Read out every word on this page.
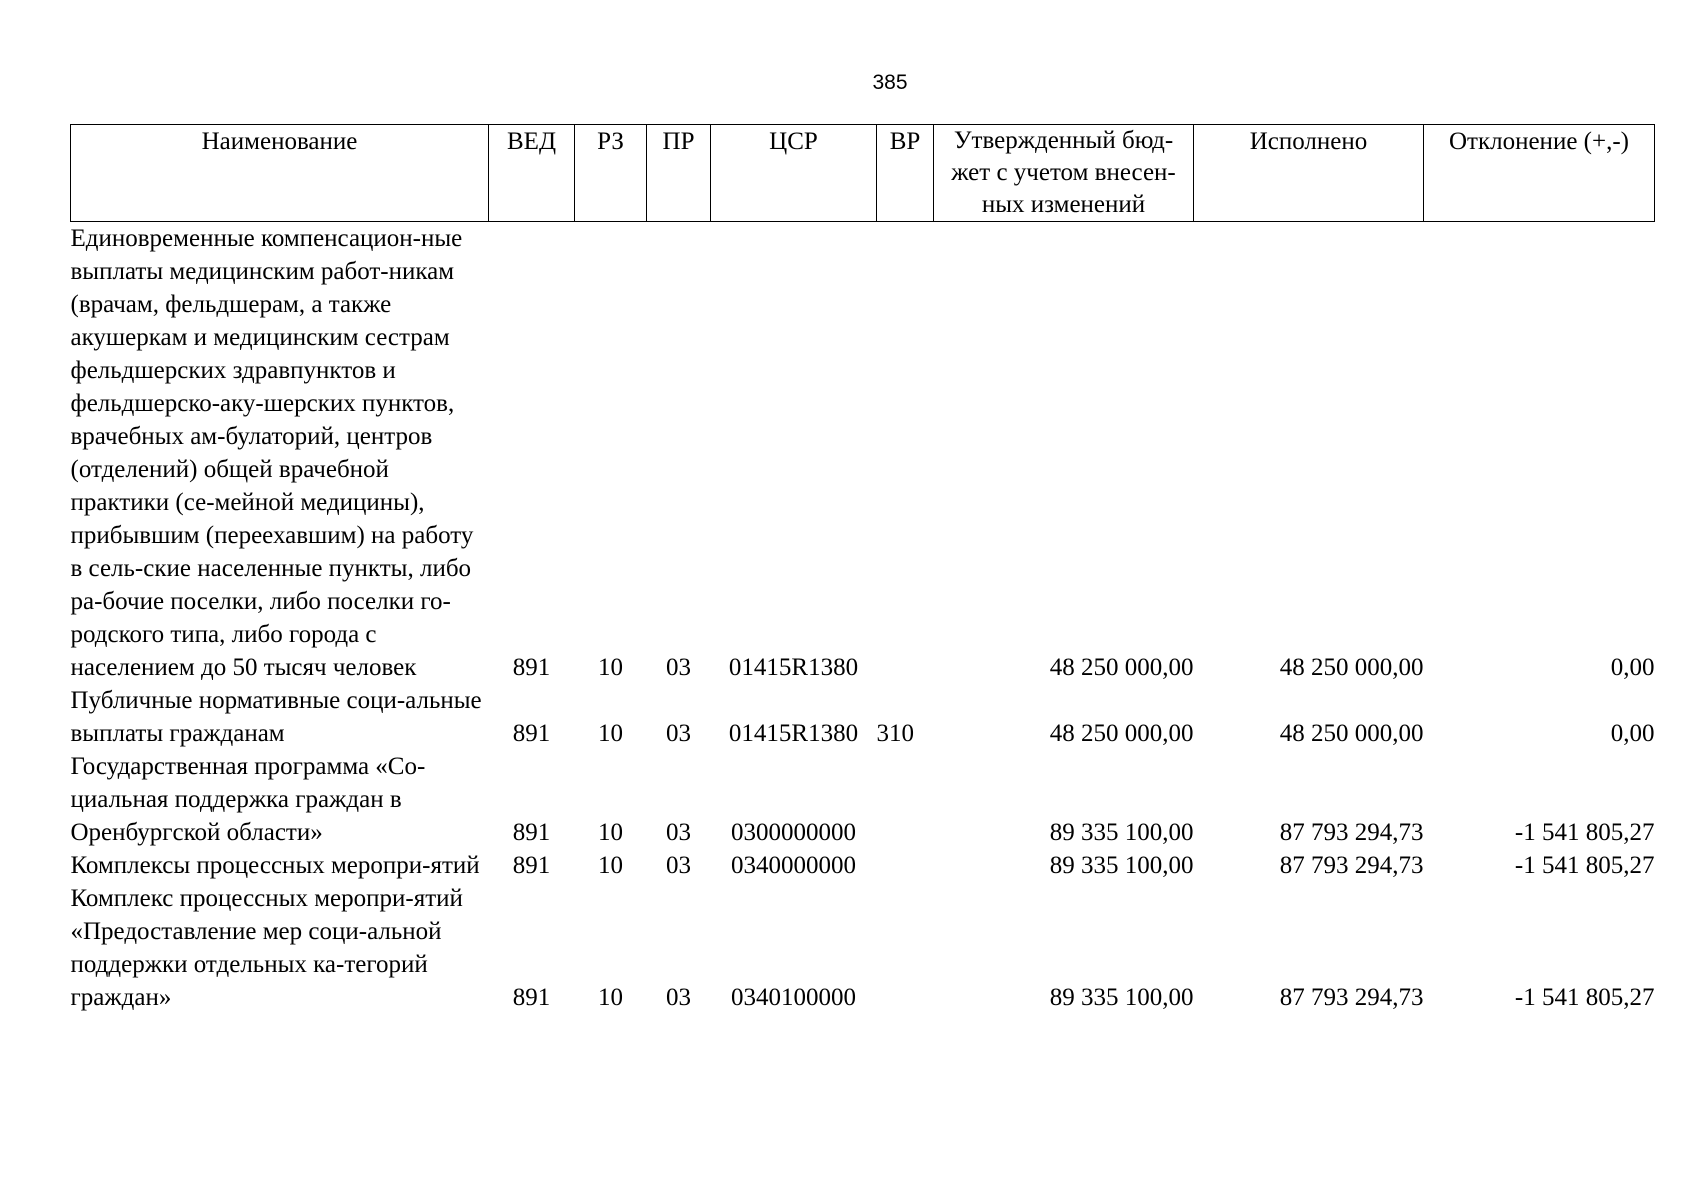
385
Наименование	ВЕД	РЗ	ПР	ЦСР	ВР	Утвержденный бюд-жет с учетом внесен-ных изменений	Исполнено	Отклонение (+,-)
Единовременные компенсацион-ные выплаты медицинским работ-никам (врачам, фельдшерам, а также акушеркам и медицинским сестрам фельдшерских здравпунктов и фельдшерско-аку-шерских пунктов, врачебных ам-булаторий, центров (отделений) общей врачебной практики (се-мейной медицины), прибывшим (переехавшим) на работу в сель-ские населенные пункты, либо ра-бочие поселки, либо поселки го-родского типа, либо города с населением до 50 тысяч человек	891	10	03	01415R1380		48 250 000,00	48 250 000,00	0,00
Публичные нормативные соци-альные выплаты гражданам	891	10	03	01415R1380	310	48 250 000,00	48 250 000,00	0,00
Государственная программа «Со-циальная поддержка граждан в Оренбургской области»	891	10	03	0300000000		89 335 100,00	87 793 294,73	-1 541 805,27
Комплексы процессных меропри-ятий	891	10	03	0340000000		89 335 100,00	87 793 294,73	-1 541 805,27
Комплекс процессных меропри-ятий «Предоставление мер соци-альной поддержки отдельных ка-тегорий граждан»	891	10	03	0340100000		89 335 100,00	87 793 294,73	-1 541 805,27
